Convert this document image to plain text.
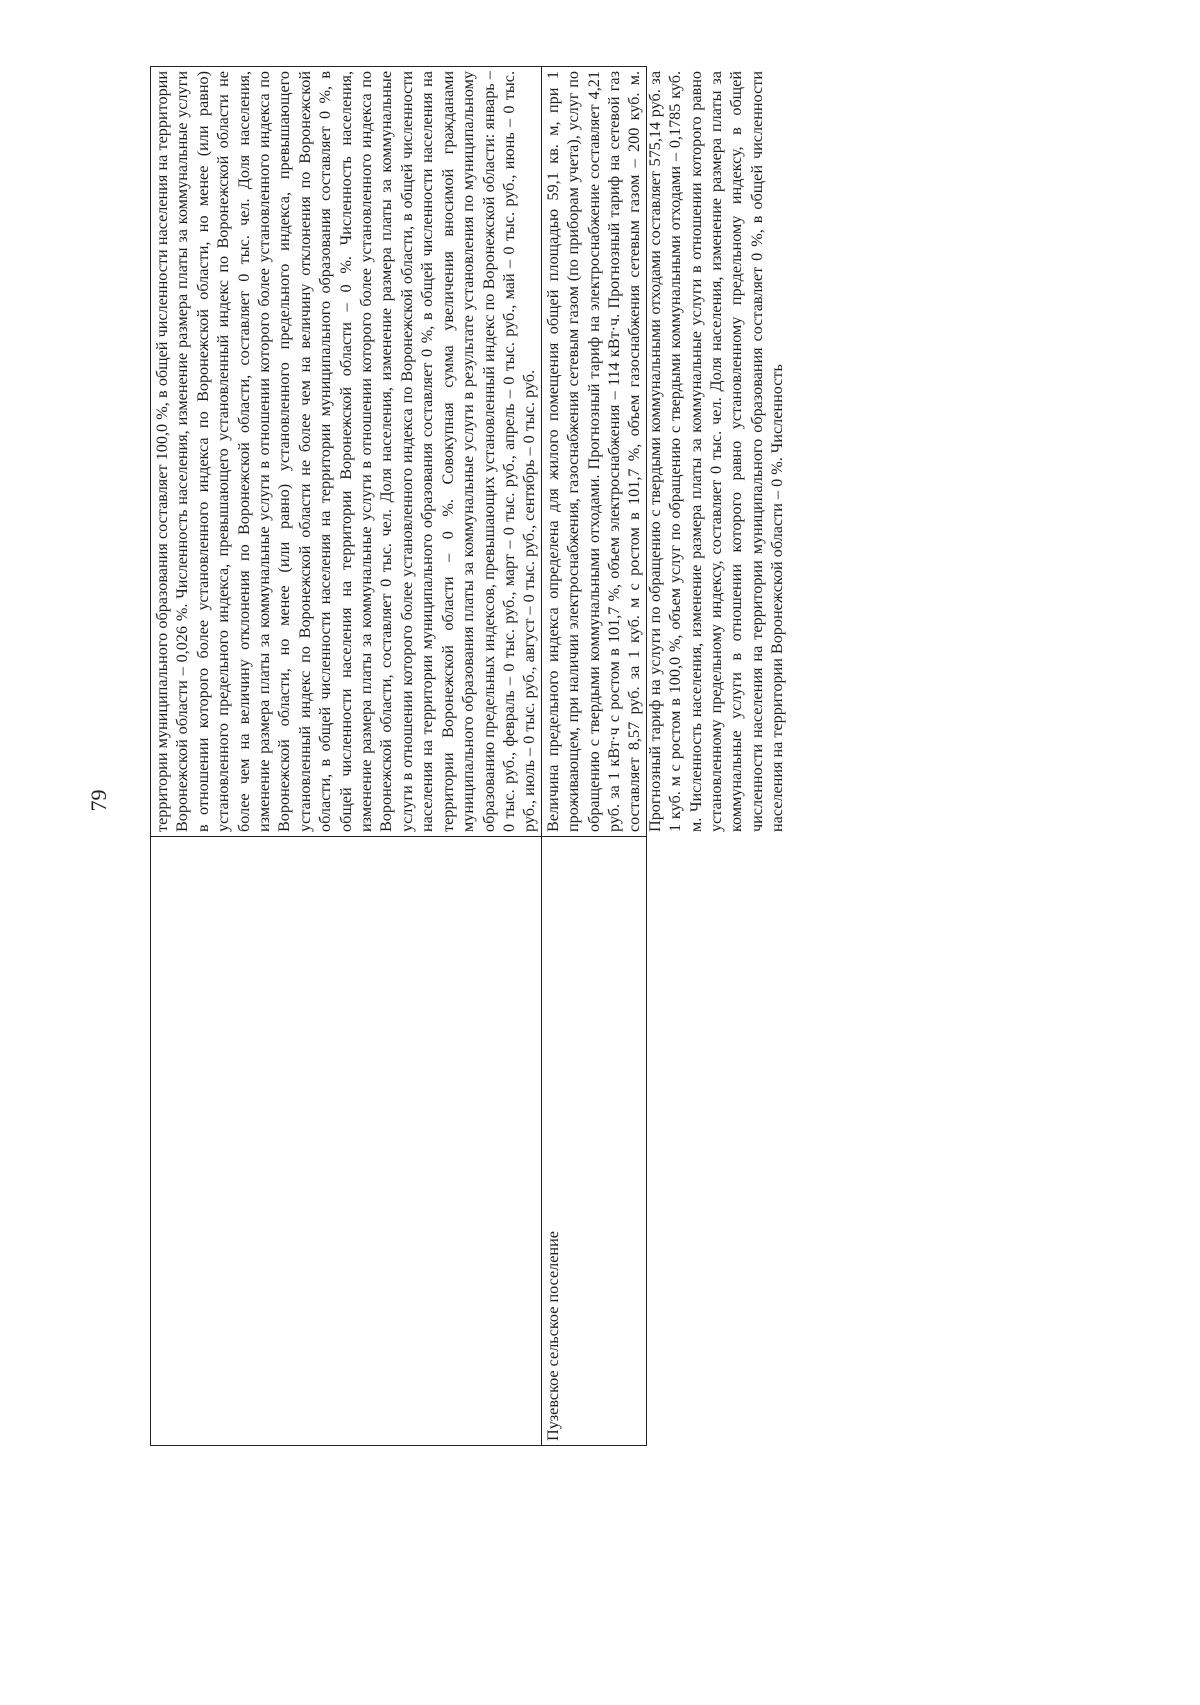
79

		территории муниципального образования составляет 100,0 %, в общей численности населения на территории Воронежской области – 0,026 %. Численность населения, изменение размера платы за коммунальные услуги в отношении которого более установленного индекса по Воронежской области, но менее (или равно) установленного предельного индекса, превышающего установленный индекс по Воронежской области не более чем на величину отклонения по Воронежской области, составляет 0 тыс. чел. Доля населения, изменение размера платы за коммунальные услуги в отношении которого более установленного индекса по Воронежской области, но менее (или равно) установленного предельного индекса, превышающего установленный индекс по Воронежской области не более чем на величину отклонения по Воронежской области, в общей численности населения на территории муниципального образования составляет 0 %, в общей численности населения на территории Воронежской области – 0 %. Численность населения, изменение размера платы за коммунальные услуги в отношении которого более установленного индекса по Воронежской области, составляет 0 тыс. чел. Доля населения, изменение размера платы за коммунальные услуги в отношении которого более установленного индекса по Воронежской области, в общей численности населения на территории муниципального образования составляет 0 %, в общей численности населения на территории Воронежской области – 0 %. Совокупная сумма увеличения вносимой гражданами муниципального образования платы за коммунальные услуги в результате установления по муниципальному образованию предельных индексов, превышающих установленный индекс по Воронежской области: январь – 0 тыс. руб., февраль – 0 тыс. руб., март – 0 тыс. руб., апрель – 0 тыс. руб., май – 0 тыс. руб., июнь – 0 тыс. руб., июль – 0 тыс. руб., август – 0 тыс. руб., сентябрь – 0 тыс. руб.
Пузевское сельское поселение	Величина предельного индекса определена для жилого помещения общей площадью 59,1 кв. м, при 1 проживающем, при наличии электроснабжения, газоснабжения сетевым газом (по приборам учета), услуг по обращению с твердыми коммунальными отходами. Прогнозный тариф на электроснабжение составляет 4,21 руб. за 1 кВт·ч с ростом в 101,7 %, объем электроснабжения – 114 кВт·ч. Прогнозный тариф на сетевой газ составляет 8,57 руб. за 1 куб. м с ростом в 101,7 %, объем газоснабжения сетевым газом – 200 куб. м. Прогнозный тариф на услуги по обращению с твердыми коммунальными отходами составляет 575,14 руб. за 1 куб. м с ростом в 100,0 %, объем услуг по обращению с твердыми коммунальными отходами – 0,1785 куб. м. Численность населения, изменение размера платы за коммунальные услуги в отношении которого равно установленному предельному индексу, составляет 0 тыс. чел. Доля населения, изменение размера платы за коммунальные услуги в отношении которого равно установленному предельному индексу, в общей численности населения на территории муниципального образования составляет 0 %, в общей численности населения на территории Воронежской области – 0 %. Численность
